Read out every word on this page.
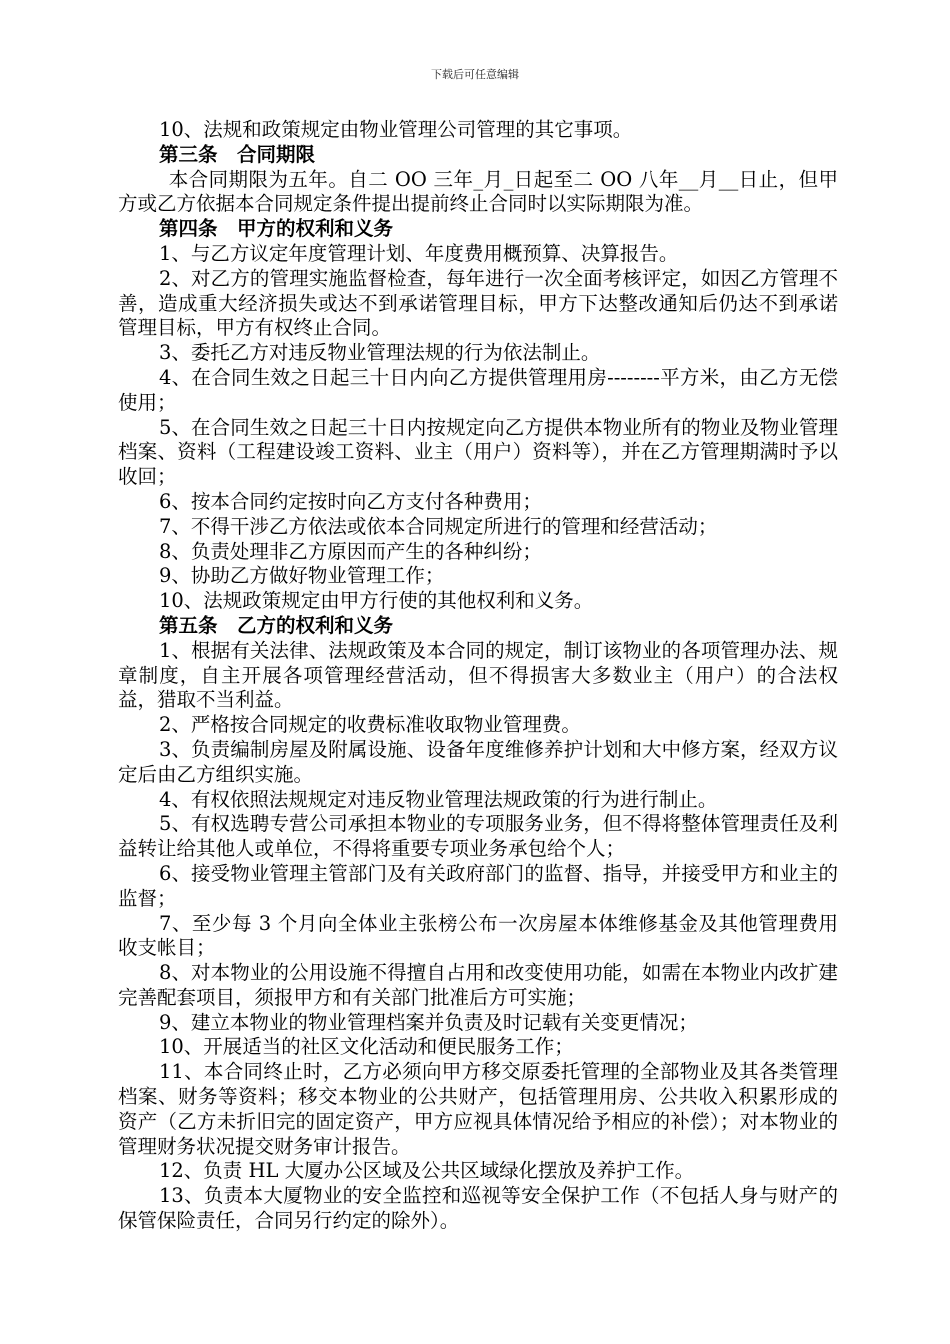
下载后可任意编辑

10、法规和政策规定由物业管理公司管理的其它事项。

第三条　合同期限

本合同期限为五年。自二 OO 三年_月_日起至二 OO 八年__月__日止，但甲方或乙方依据本合同规定条件提出提前终止合同时以实际期限为准。

第四条　甲方的权利和义务

1、与乙方议定年度管理计划、年度费用概预算、决算报告。

2、对乙方的管理实施监督检查，每年进行一次全面考核评定，如因乙方管理不善，造成重大经济损失或达不到承诺管理目标，甲方下达整改通知后仍达不到承诺管理目标，甲方有权终止合同。

3、委托乙方对违反物业管理法规的行为依法制止。

4、在合同生效之日起三十日内向乙方提供管理用房--------平方米，由乙方无偿使用；

5、在合同生效之日起三十日内按规定向乙方提供本物业所有的物业及物业管理档案、资料（工程建设竣工资料、业主（用户）资料等），并在乙方管理期满时予以收回；

6、按本合同约定按时向乙方支付各种费用；

7、不得干涉乙方依法或依本合同规定所进行的管理和经营活动；

8、负责处理非乙方原因而产生的各种纠纷；

9、协助乙方做好物业管理工作；

10、法规政策规定由甲方行使的其他权利和义务。

第五条　乙方的权利和义务

1、根据有关法律、法规政策及本合同的规定，制订该物业的各项管理办法、规章制度，自主开展各项管理经营活动，但不得损害大多数业主（用户）的合法权益，猎取不当利益。

2、严格按合同规定的收费标准收取物业管理费。

3、负责编制房屋及附属设施、设备年度维修养护计划和大中修方案，经双方议定后由乙方组织实施。

4、有权依照法规规定对违反物业管理法规政策的行为进行制止。

5、有权选聘专营公司承担本物业的专项服务业务，但不得将整体管理责任及利益转让给其他人或单位，不得将重要专项业务承包给个人；

6、接受物业管理主管部门及有关政府部门的监督、指导，并接受甲方和业主的监督；

7、至少每 3 个月向全体业主张榜公布一次房屋本体维修基金及其他管理费用收支帐目；

8、对本物业的公用设施不得擅自占用和改变使用功能，如需在本物业内改扩建完善配套项目，须报甲方和有关部门批准后方可实施；

9、建立本物业的物业管理档案并负责及时记载有关变更情况；

10、开展适当的社区文化活动和便民服务工作；

11、本合同终止时，乙方必须向甲方移交原委托管理的全部物业及其各类管理档案、财务等资料；移交本物业的公共财产，包括管理用房、公共收入积累形成的资产（乙方未折旧完的固定资产，甲方应视具体情况给予相应的补偿）；对本物业的管理财务状况提交财务审计报告。

12、负责 HL 大厦办公区域及公共区域绿化摆放及养护工作。

13、负责本大厦物业的安全监控和巡视等安全保护工作（不包括人身与财产的保管保险责任，合同另行约定的除外）。
